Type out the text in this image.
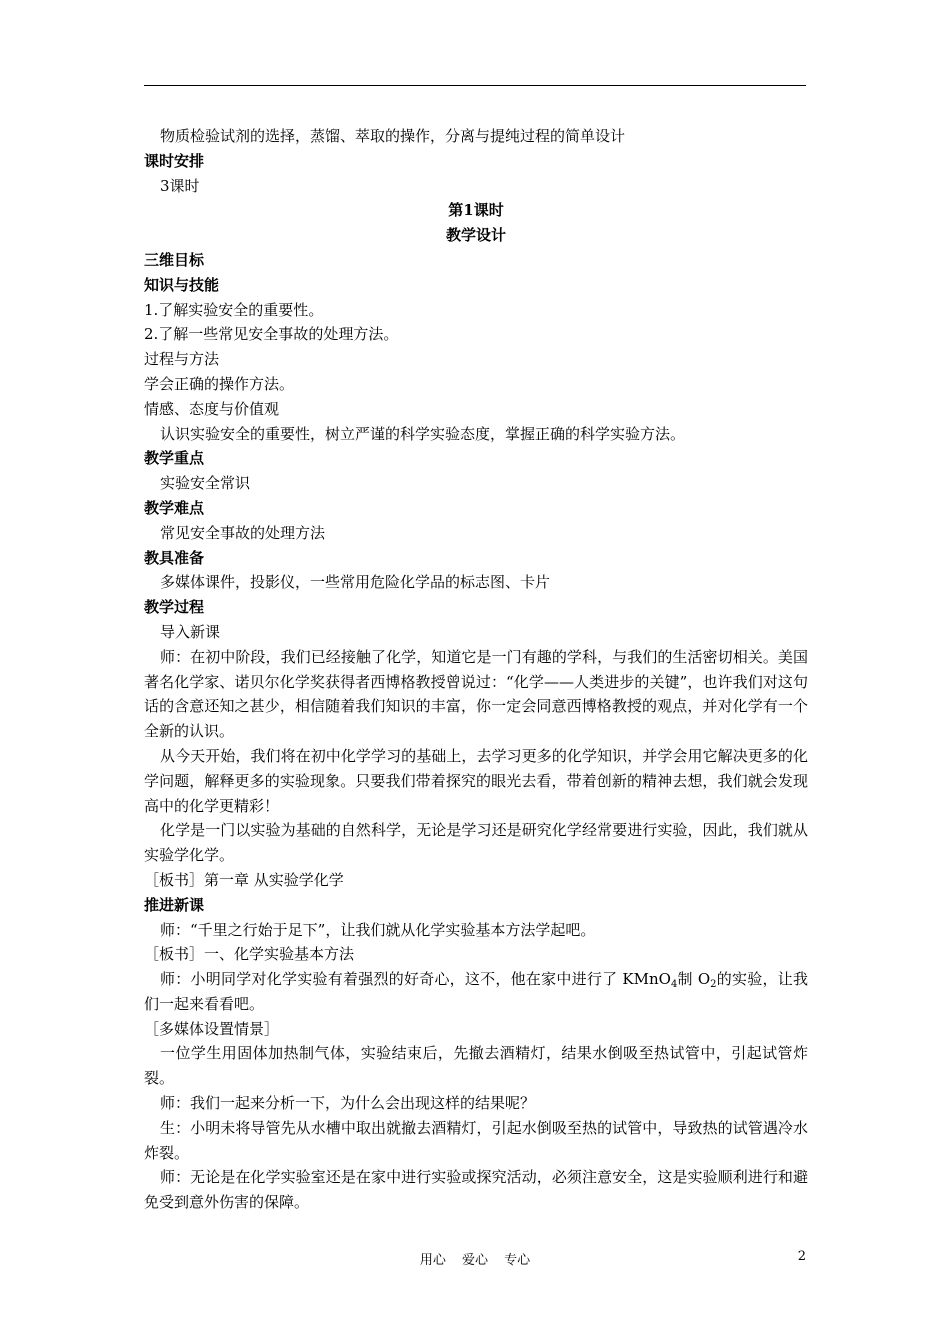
物质检验试剂的选择，蒸馏、萃取的操作，分离与提纯过程的简单设计

课时安排

3课时

第1课时

教学设计

三维目标

知识与技能

1.了解实验安全的重要性。

2.了解一些常见安全事故的处理方法。

过程与方法

学会正确的操作方法。

情感、态度与价值观

认识实验安全的重要性，树立严谨的科学实验态度，掌握正确的科学实验方法。

教学重点

实验安全常识

教学难点

常见安全事故的处理方法

教具准备

多媒体课件，投影仪，一些常用危险化学品的标志图、卡片

教学过程

导入新课

师：在初中阶段，我们已经接触了化学，知道它是一门有趣的学科，与我们的生活密切相关。美国著名化学家、诺贝尔化学奖获得者西博格教授曾说过：“化学——人类进步的关键”，也许我们对这句话的含意还知之甚少，相信随着我们知识的丰富，你一定会同意西博格教授的观点，并对化学有一个全新的认识。

从今天开始，我们将在初中化学学习的基础上，去学习更多的化学知识，并学会用它解决更多的化学问题，解释更多的实验现象。只要我们带着探究的眼光去看，带着创新的精神去想，我们就会发现高中的化学更精彩！

化学是一门以实验为基础的自然科学，无论是学习还是研究化学经常要进行实验，因此，我们就从实验学化学。

［板书］第一章 从实验学化学

推进新课

师：“千里之行始于足下”，让我们就从化学实验基本方法学起吧。

［板书］一、化学实验基本方法

师：小明同学对化学实验有着强烈的好奇心，这不，他在家中进行了 KMnO$_4$制 $O_2$的实验，让我们一起来看看吧。

［多媒体设置情景］

一位学生用固体加热制气体，实验结束后，先撤去酒精灯，结果水倒吸至热试管中，引起试管炸裂。

师：我们一起来分析一下，为什么会出现这样的结果呢？

生：小明未将导管先从水槽中取出就撤去酒精灯，引起水倒吸至热的试管中，导致热的试管遇冷水炸裂。

师：无论是在化学实验室还是在家中进行实验或探究活动，必须注意安全，这是实验顺利进行和避免受到意外伤害的保障。

用心 爱心 专心	2
